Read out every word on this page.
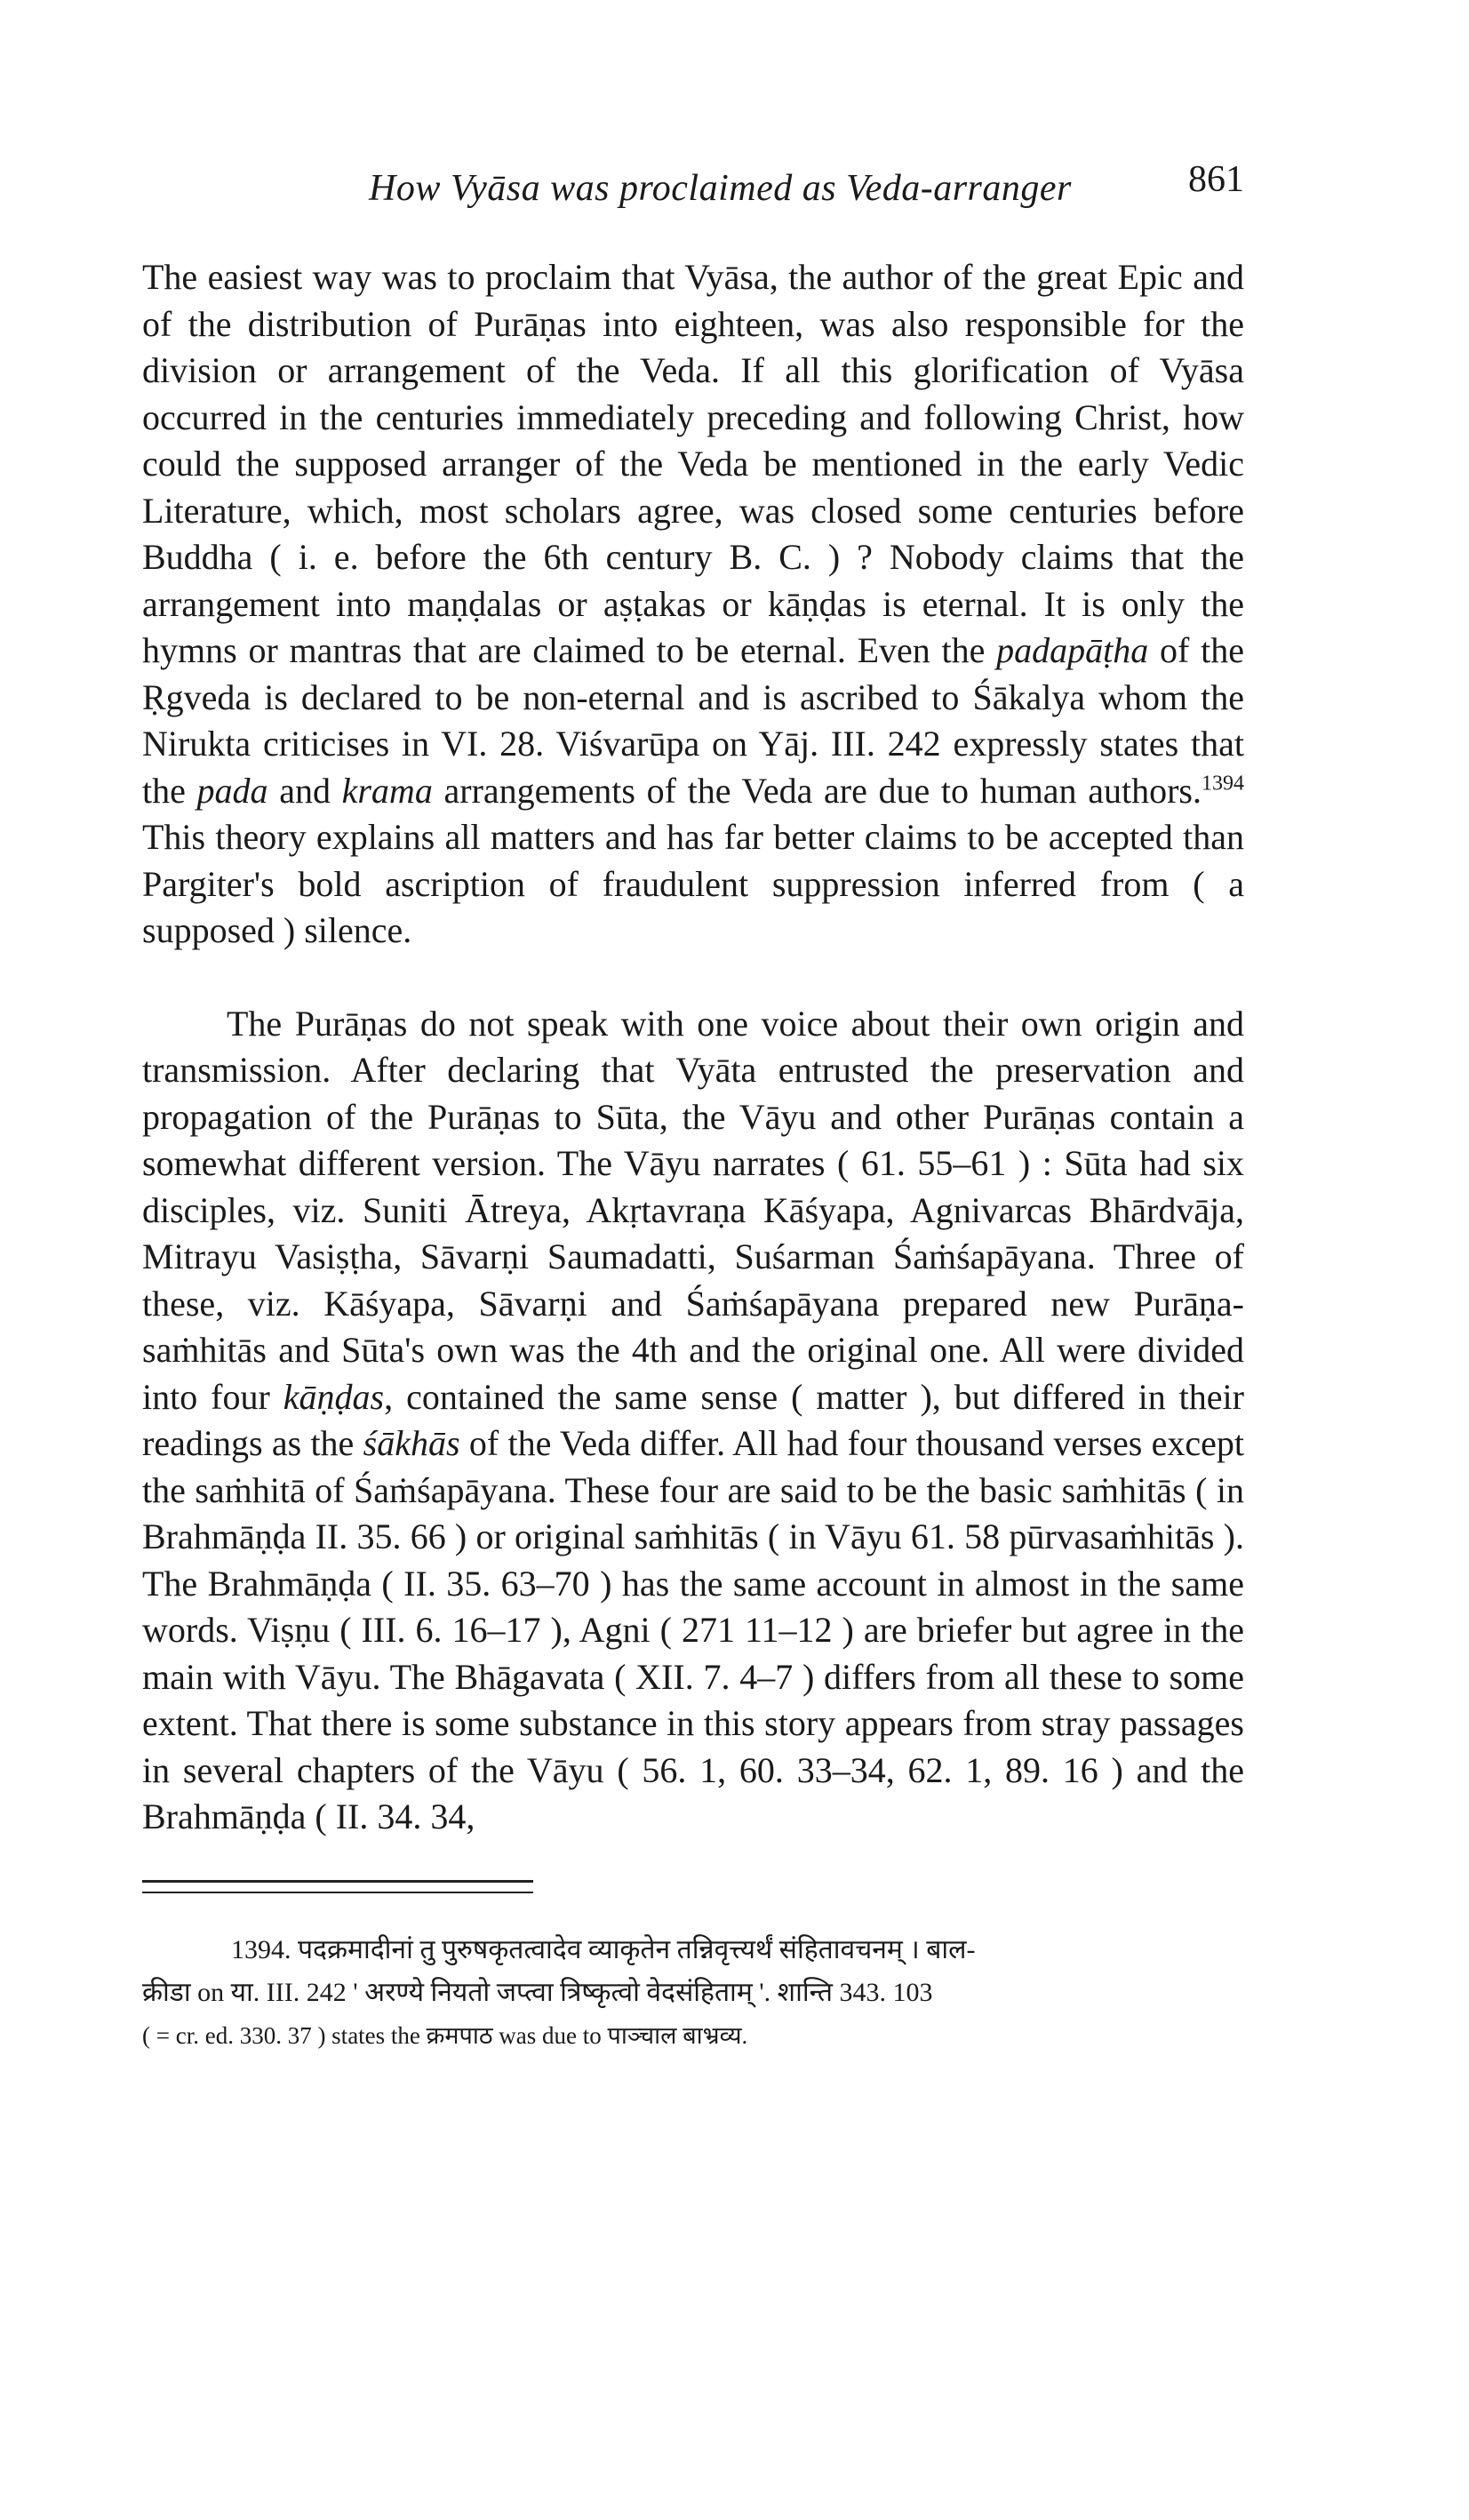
How Vyāsa was proclaimed as Veda-arranger	861

The easiest way was to proclaim that Vyāsa, the author of the great Epic and of the distribution of Purāṇas into eighteen, was also responsible for the division or arrangement of the Veda. If all this glorification of Vyāsa occurred in the centuries immediately preceding and following Christ, how could the supposed arranger of the Veda be mentioned in the early Vedic Literature, which, most scholars agree, was closed some centuries before Buddha ( i. e. before the 6th century B. C. ) ? Nobody claims that the arrangement into maṇḍalas or aṣṭakas or kāṇḍas is eternal. It is only the hymns or mantras that are claimed to be eternal. Even the padapāṭha of the Ṛgveda is declared to be non-eternal and is ascribed to Śākalya whom the Nirukta criticises in VI. 28. Viśvarūpa on Yāj. III. 242 expressly states that the pada and krama arrangements of the Veda are due to human authors.$^{1394}$ This theory explains all matters and has far better claims to be accepted than Pargiter's bold ascription of fraudulent suppression inferred from ( a supposed ) silence.

The Purāṇas do not speak with one voice about their own origin and transmission. After declaring that Vyāta entrusted the preservation and propagation of the Purāṇas to Sūta, the Vāyu and other Purāṇas contain a somewhat different version. The Vāyu narrates ( 61. 55–61 ) : Sūta had six disciples, viz. Suniti Ātreya, Akṛtavraṇa Kāśyapa, Agnivarcas Bhārdvāja, Mitrayu Vasiṣṭha, Sāvarṇi Saumadatti, Suśarman Śaṁśapāyana. Three of these, viz. Kāśyapa, Sāvarṇi and Śaṁśapāyana prepared new Purāṇa-saṁhitās and Sūta's own was the 4th and the original one. All were divided into four kāṇḍas, contained the same sense ( matter ), but differed in their readings as the śākhās of the Veda differ. All had four thousand verses except the saṁhitā of Śaṁśapāyana. These four are said to be the basic saṁhitās ( in Brahmāṇḍa II. 35. 66 ) or original saṁhitās ( in Vāyu 61. 58 pūrvasaṁhitās ). The Brahmāṇḍa ( II. 35. 63–70 ) has the same account in almost in the same words. Viṣṇu ( III. 6. 16–17 ), Agni ( 271 11–12 ) are briefer but agree in the main with Vāyu. The Bhāgavata ( XII. 7. 4–7 ) differs from all these to some extent. That there is some substance in this story appears from stray passages in several chapters of the Vāyu ( 56. 1, 60. 33–34, 62. 1, 89. 16 ) and the Brahmāṇḍa ( II. 34. 34,

1394. पदक्रमादीनां तु पुरुषकृतत्वादेव व्याकृतेन तन्निवृत्त्यर्थं संहितावचनम् । बाल-

क्रीडा on या. III. 242 ' अरण्ये नियतो जप्त्वा त्रिष्कृत्वो वेदसंहिताम् '. शान्ति 343. 103

( = cr. ed. 330. 37 ) states the क्रमपाठ was due to पाञ्चाल बाभ्रव्य.
